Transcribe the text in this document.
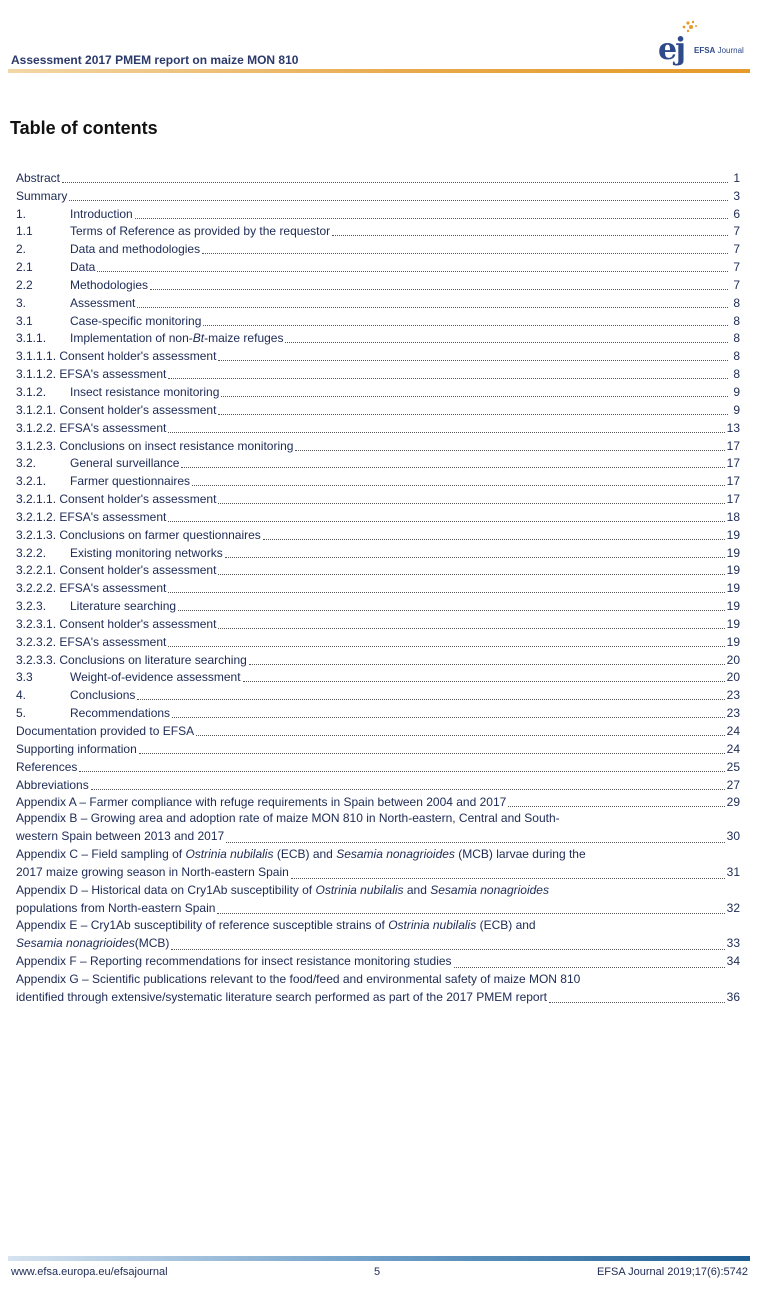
Assessment 2017 PMEM report on maize MON 810	ej EFSA Journal
Table of contents
Abstract	1
Summary	3
1.	Introduction	6
1.1	Terms of Reference as provided by the requestor	7
2.	Data and methodologies	7
2.1	Data	7
2.2	Methodologies	7
3.	Assessment	8
3.1	Case-specific monitoring	8
3.1.1.	Implementation of non-Bt-maize refuges	8
3.1.1.1. Consent holder's assessment	8
3.1.1.2. EFSA's assessment	8
3.1.2.	Insect resistance monitoring	9
3.1.2.1. Consent holder's assessment	9
3.1.2.2. EFSA's assessment	13
3.1.2.3. Conclusions on insect resistance monitoring	17
3.2.	General surveillance	17
3.2.1.	Farmer questionnaires	17
3.2.1.1. Consent holder's assessment	17
3.2.1.2. EFSA's assessment	18
3.2.1.3. Conclusions on farmer questionnaires	19
3.2.2.	Existing monitoring networks	19
3.2.2.1. Consent holder's assessment	19
3.2.2.2. EFSA's assessment	19
3.2.3.	Literature searching	19
3.2.3.1. Consent holder's assessment	19
3.2.3.2. EFSA's assessment	19
3.2.3.3. Conclusions on literature searching	20
3.3	Weight-of-evidence assessment	20
4.	Conclusions	23
5.	Recommendations	23
Documentation provided to EFSA	24
Supporting information	24
References	25
Abbreviations	27
Appendix A – Farmer compliance with refuge requirements in Spain between 2004 and 2017	29
Appendix B – Growing area and adoption rate of maize MON 810 in North-eastern, Central and South-
western Spain between 2013 and 2017	30
Appendix C – Field sampling of Ostrinia nubilalis (ECB) and Sesamia nonagrioides (MCB) larvae during the
2017 maize growing season in North-eastern Spain	31
Appendix D – Historical data on Cry1Ab susceptibility of Ostrinia nubilalis and Sesamia nonagrioides
populations from North-eastern Spain	32
Appendix E – Cry1Ab susceptibility of reference susceptible strains of Ostrinia nubilalis (ECB) and
Sesamia nonagrioides (MCB)	33
Appendix F – Reporting recommendations for insect resistance monitoring studies	34
Appendix G – Scientific publications relevant to the food/feed and environmental safety of maize MON 810
identified through extensive/systematic literature search performed as part of the 2017 PMEM report	36
www.efsa.europa.eu/efsajournal	5	EFSA Journal 2019;17(6):5742
